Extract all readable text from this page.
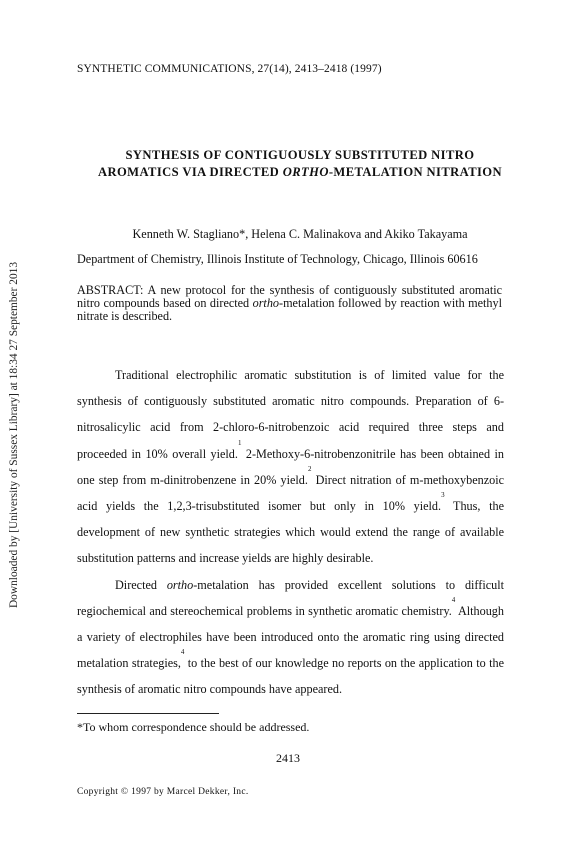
Downloaded by [University of Sussex Library] at 18:34 27 September 2013
SYNTHETIC COMMUNICATIONS, 27(14), 2413–2418 (1997)
SYNTHESIS OF CONTIGUOUSLY SUBSTITUTED NITRO
AROMATICS VIA DIRECTED ORTHO-METALATION NITRATION
Kenneth W. Stagliano*, Helena C. Malinakova and Akiko Takayama
Department of Chemistry, Illinois Institute of Technology, Chicago, Illinois 60616
ABSTRACT: A new protocol for the synthesis of contiguously substituted aromatic nitro compounds based on directed ortho-metalation followed by reaction with methyl nitrate is described.

Traditional electrophilic aromatic substitution is of limited value for the synthesis of contiguously substituted aromatic nitro compounds. Preparation of 6-nitrosalicylic acid from 2-chloro-6-nitrobenzoic acid required three steps and proceeded in 10% overall yield.$^1$ 2-Methoxy-6-nitrobenzonitrile has been obtained in one step from m-dinitrobenzene in 20% yield.$^2$ Direct nitration of m-methoxybenzoic acid yields the 1,2,3-trisubstituted isomer but only in 10% yield.$^3$ Thus, the development of new synthetic strategies which would extend the range of available substitution patterns and increase yields are highly desirable.

Directed ortho-metalation has provided excellent solutions to difficult regiochemical and stereochemical problems in synthetic aromatic chemistry.$^4$ Although a variety of electrophiles have been introduced onto the aromatic ring using directed metalation strategies,$^4$ to the best of our knowledge no reports on the application to the synthesis of aromatic nitro compounds have appeared.

*To whom correspondence should be addressed.
2413
Copyright © 1997 by Marcel Dekker, Inc.
